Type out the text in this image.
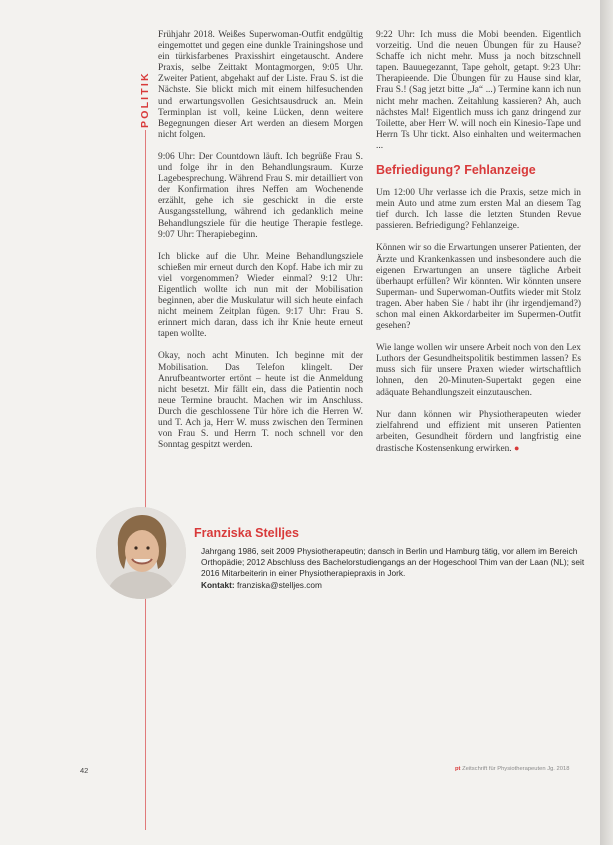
POLITIK

Frühjahr 2018. Weißes Superwoman-Outfit endgültig eingemottet und gegen eine dunkle Trainingshose und ein türkisfarbenes Praxisshirt eingetauscht. Andere Praxis, selbe Zeittakt Montagmorgen, 9:05 Uhr. Zweiter Patient, abgehakt auf der Liste. Frau S. ist die Nächste. Sie blickt mich mit einem hilfesuchenden und erwartungsvollen Gesichtsausdruck an. Mein Terminplan ist voll, keine Lücken, denn weitere Begegnungen dieser Art werden an diesem Morgen nicht folgen.

9:06 Uhr: Der Countdown läuft. Ich begrüße Frau S. und folge ihr in den Behandlungsraum. Kurze Lagebesprechung. Während Frau S. mir detailliert von der Konfirmation ihres Neffen am Wochenende erzählt, gehe ich sie geschickt in die erste Ausgangsstellung, während ich gedanklich meine Behandlungsziele für die heutige Therapie festlege. 9:07 Uhr: Therapiebeginn.

Ich blicke auf die Uhr. Meine Behandlungsziele schießen mir erneut durch den Kopf. Habe ich mir zu viel vorgenommen? Wieder einmal? 9:12 Uhr: Eigentlich wollte ich nun mit der Mobilisation beginnen, aber die Muskulatur will sich heute einfach nicht meinem Zeitplan fügen. 9:17 Uhr: Frau S. erinnert mich daran, dass ich ihr Knie heute erneut tapen wollte.

Okay, noch acht Minuten. Ich beginne mit der Mobilisation. Das Telefon klingelt. Der Anrufbeantworter ertönt – heute ist die Anmeldung nicht besetzt. Mir fällt ein, dass die Patientin noch neue Termine braucht. Machen wir im Anschluss. Durch die geschlossene Tür höre ich die Herren W. und T. Ach ja, Herr W. muss zwischen den Terminen von Frau S. und Herrn T. noch schnell vor den Sonntag gespitzt werden.

9:22 Uhr: Ich muss die Mobi beenden. Eigentlich vorzeitig. Und die neuen Übungen für zu Hause? Schaffe ich nicht mehr. Muss ja noch bitzschnell tapen. Bauuegezannt, Tape geholt, getapt. 9:23 Uhr: Therapieende. Die Übungen für zu Hause sind klar, Frau S.! (Sag jetzt bitte „Ja“ ...) Termine kann ich nun nicht mehr machen. Zeitahlung kassieren? Ah, auch nächstes Mal! Eigentlich muss ich ganz dringend zur Toilette, aber Herr W. will noch ein Kinesio-Tape und Herrn Ts Uhr tickt. Also einhalten und weitermachen ...

Befriedigung? Fehlanzeige

Um 12:00 Uhr verlasse ich die Praxis, setze mich in mein Auto und atme zum ersten Mal an diesem Tag tief durch. Ich lasse die letzten Stunden Revue passieren. Befriedigung? Fehlanzeige.

Können wir so die Erwartungen unserer Patienten, der Ärzte und Krankenkassen und insbesondere auch die eigenen Erwartungen an unsere tägliche Arbeit überhaupt erfüllen? Wir könnten. Wir könnten unsere Superman- und Superwoman-Outfits wieder mit Stolz tragen. Aber haben Sie / habt ihr (ihr irgendjemand?) schon mal einen Akkordarbeiter im Supermen-Outfit gesehen?

Wie lange wollen wir unsere Arbeit noch von den Lex Luthors der Gesundheitspolitik bestimmen lassen? Es muss sich für unsere Praxen wieder wirtschaftlich lohnen, den 20-Minuten-Supertakt gegen eine adäquate Behandlungszeit einzutauschen.

Nur dann können wir Physiotherapeuten wieder zielfahrend und effizient mit unseren Patienten arbeiten, Gesundheit fördern und langfristig eine drastische Kostensenkung erwirken. ●

Franziska Stelljes
Jahrgang 1986, seit 2009 Physiotherapeutin; dansch in Berlin und Hamburg tätig, vor allem im Bereich Orthopädie; 2012 Abschluss des Bachelorstudiengangs an der Hogeschool Thim van der Laan (NL); seit 2016 Mitarbeiterin in einer Physiotherapiepraxis in Jork.
Kontakt: franziska@stelljes.com
42	pt Zeitschrift für Physiotherapeuten Jg. 2018
